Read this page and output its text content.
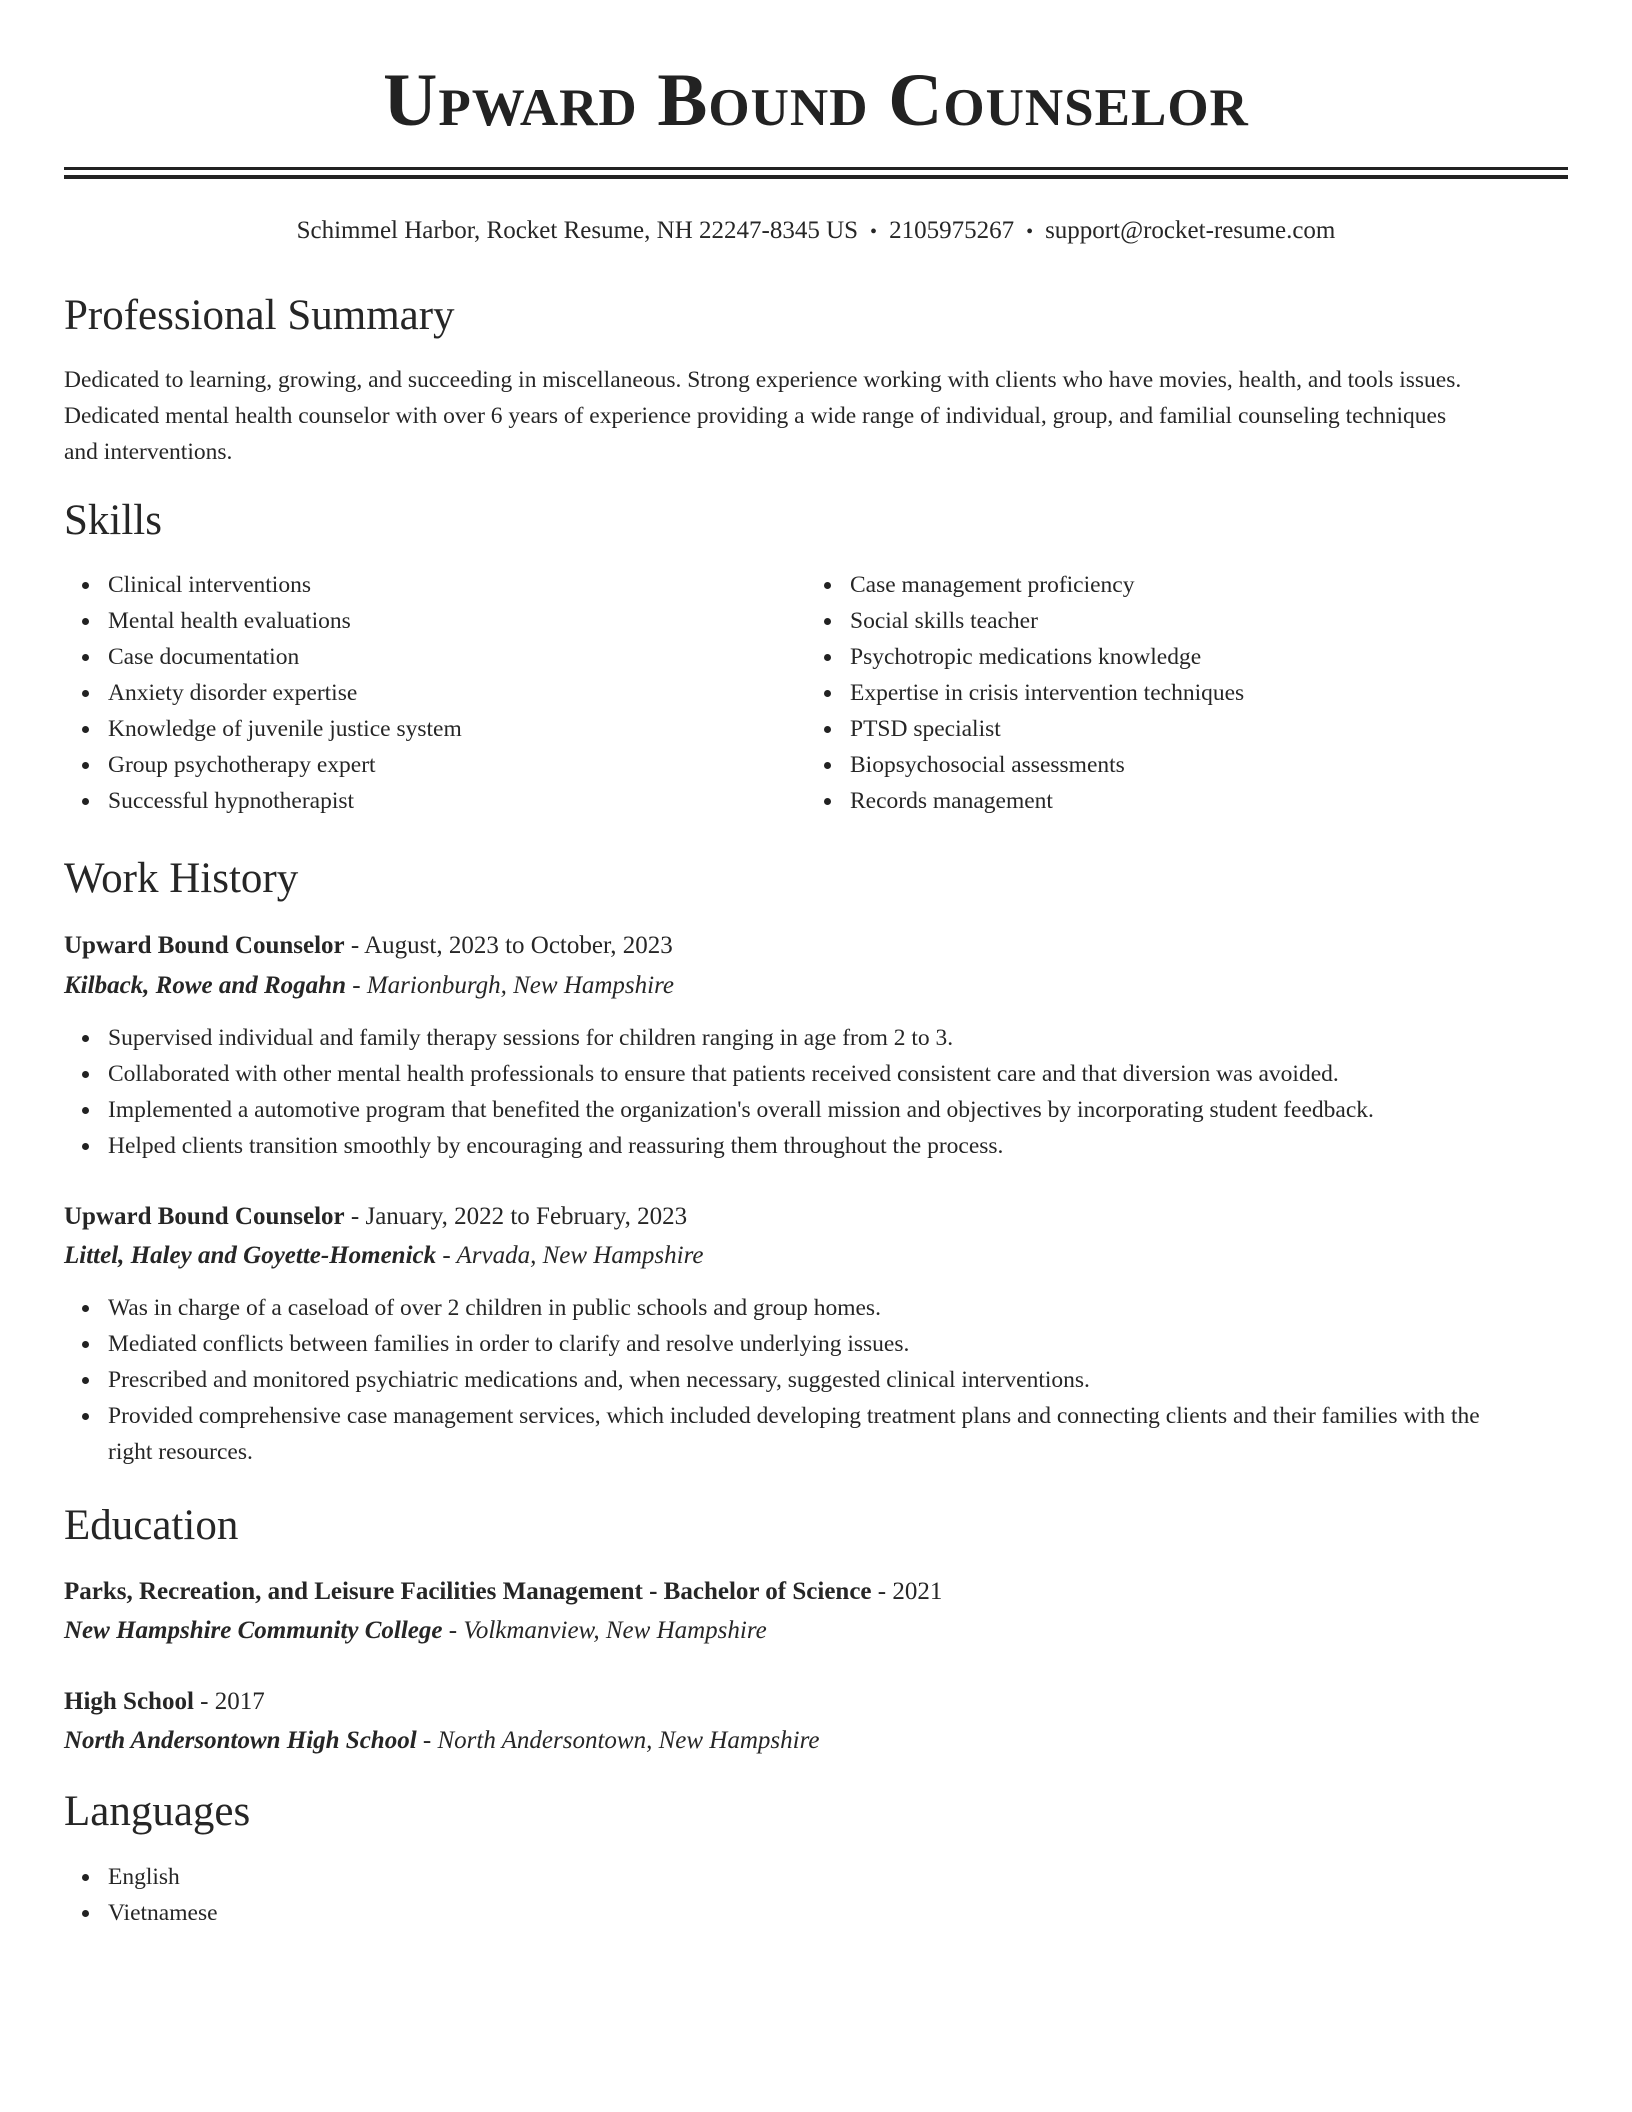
Upward Bound Counselor
Schimmel Harbor, Rocket Resume, NH 22247-8345 US • 2105975267 • support@rocket-resume.com
Professional Summary
Dedicated to learning, growing, and succeeding in miscellaneous. Strong experience working with clients who have movies, health, and tools issues.
Dedicated mental health counselor with over 6 years of experience providing a wide range of individual, group, and familial counseling techniques
and interventions.
Skills
Clinical interventions
Mental health evaluations
Case documentation
Anxiety disorder expertise
Knowledge of juvenile justice system
Group psychotherapy expert
Successful hypnotherapist
Case management proficiency
Social skills teacher
Psychotropic medications knowledge
Expertise in crisis intervention techniques
PTSD specialist
Biopsychosocial assessments
Records management
Work History
Upward Bound Counselor - August, 2023 to October, 2023
Kilback, Rowe and Rogahn - Marionburgh, New Hampshire
Supervised individual and family therapy sessions for children ranging in age from 2 to 3.
Collaborated with other mental health professionals to ensure that patients received consistent care and that diversion was avoided.
Implemented a automotive program that benefited the organization's overall mission and objectives by incorporating student feedback.
Helped clients transition smoothly by encouraging and reassuring them throughout the process.
Upward Bound Counselor - January, 2022 to February, 2023
Littel, Haley and Goyette-Homenick - Arvada, New Hampshire
Was in charge of a caseload of over 2 children in public schools and group homes.
Mediated conflicts between families in order to clarify and resolve underlying issues.
Prescribed and monitored psychiatric medications and, when necessary, suggested clinical interventions.
Provided comprehensive case management services, which included developing treatment plans and connecting clients and their families with the
right resources.
Education
Parks, Recreation, and Leisure Facilities Management - Bachelor of Science - 2021
New Hampshire Community College - Volkmanview, New Hampshire
High School - 2017
North Andersontown High School - North Andersontown, New Hampshire
Languages
English
Vietnamese
